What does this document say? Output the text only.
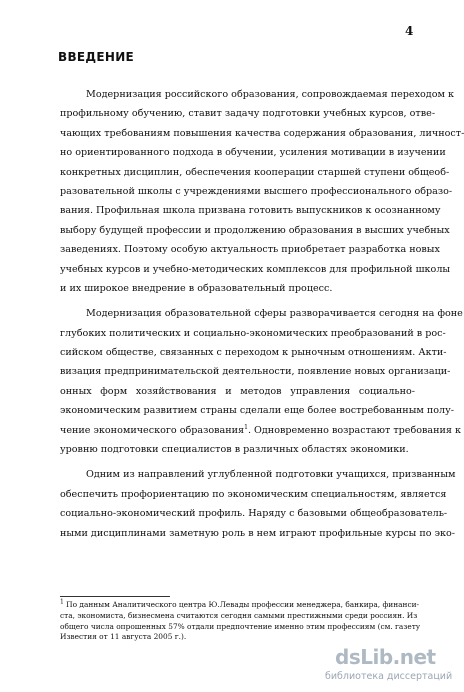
4
ВВЕДЕНИЕ
Модернизация российского образования, сопровождаемая переходом к
профильному обучению, ставит задачу подготовки учебных курсов, отве-
чающих требованиям повышения качества содержания образования, личност-
но ориентированного подхода в обучении, усиления мотивации в изучении
конкретных дисциплин, обеспечения кооперации старшей ступени общеоб-
разовательной школы с учреждениями высшего профессионального образо-
вания. Профильная школа призвана готовить выпускников к осознанному
выбору будущей профессии и продолжению образования в высших учебных
заведениях. Поэтому особую актуальность приобретает разработка новых
учебных курсов и учебно-методических комплексов для профильной школы
и их широкое внедрение в образовательный процесс.
Модернизация образовательной сферы разворачивается сегодня на фоне
глубоких политических и социально-экономических преобразований в рос-
сийском обществе, связанных с переходом к рыночным отношениям. Акти-
визация предпринимательской деятельности, появление новых организаци-
онных форм хозяйствования и методов управления социально-
экономическим развитием страны сделали еще более востребованным полу-
чение экономического образования$^1$. Одновременно возрастают требования к
уровню подготовки специалистов в различных областях экономики.
Одним из направлений углубленной подготовки учащихся, призванным
обеспечить профориентацию по экономическим специальностям, является
социально-экономический профиль. Наряду с базовыми общеобразователь-
ными дисциплинами заметную роль в нем играют профильные курсы по эко-
$^1$ По данным Аналитического центра Ю.Левады профессии менеджера, банкира, финанси-
ста, экономиста, бизнесмена считаются сегодня самыми престижными среди россиян. Из
общего числа опрошенных 57% отдали предпочтение именно этим профессиям (см. газету
Известия от 11 августа 2005 г.).
dsLib.net
библиотека диссертаций
